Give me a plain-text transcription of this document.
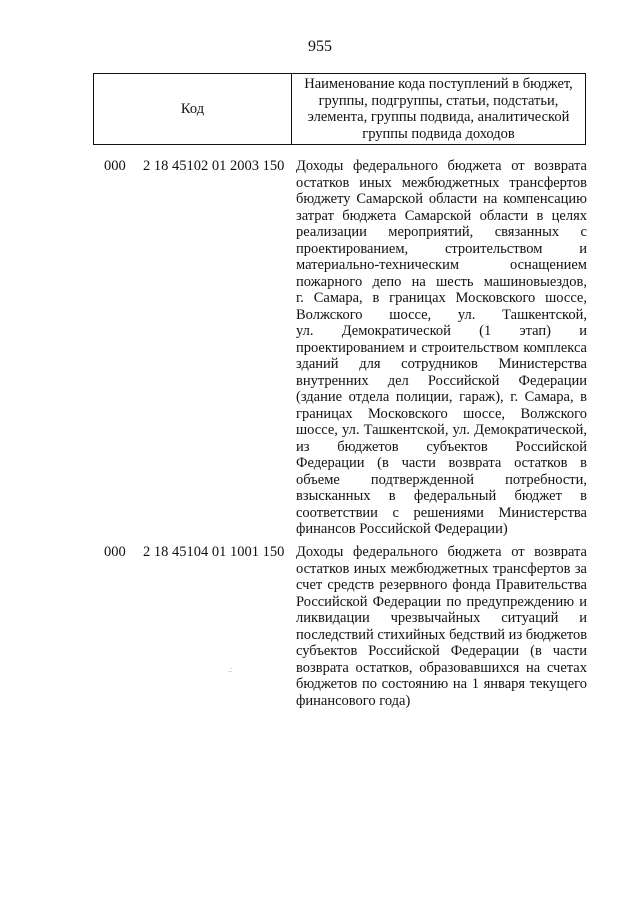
955
Код	
Наименование кода поступлений в бюджет,
группы, подгруппы, статьи, подстатьи,
элемента, группы подвида, аналитической
группы подвида доходов
000 2 18 45102 01 2003 150 Доходы федерального бюджета от возврата
остатков иных межбюджетных трансфертов
бюджету Самарской области на компенсацию
затрат бюджета Самарской области в целях
реализации мероприятий, связанных с
проектированием, строительством и
материально-техническим оснащением
пожарного депо на шесть машиновыездов,
г. Самара, в границах Московского шоссе,
Волжского шоссе, ул. Ташкентской,
ул. Демократической (1 этап) и
проектированием и строительством комплекса
зданий для сотрудников Министерства
внутренних дел Российской Федерации
(здание отдела полиции, гараж), г. Самара, в
границах Московского шоссе, Волжского
шоссе, ул. Ташкентской, ул. Демократической,
из бюджетов субъектов Российской
Федерации (в части возврата остатков в
объеме подтвержденной потребности,
взысканных в федеральный бюджет в
соответствии с решениями Министерства
финансов Российской Федерации)
000 2 18 45104 01 1001 150 Доходы федерального бюджета от возврата
остатков иных межбюджетных трансфертов за
счет средств резервного фонда Правительства
Российской Федерации по предупреждению и
ликвидации чрезвычайных ситуаций и
последствий стихийных бедствий из бюджетов
субъектов Российской Федерации (в части
возврата остатков, образовавшихся на счетах
бюджетов по состоянию на 1 января текущего
финансового года)
.:
